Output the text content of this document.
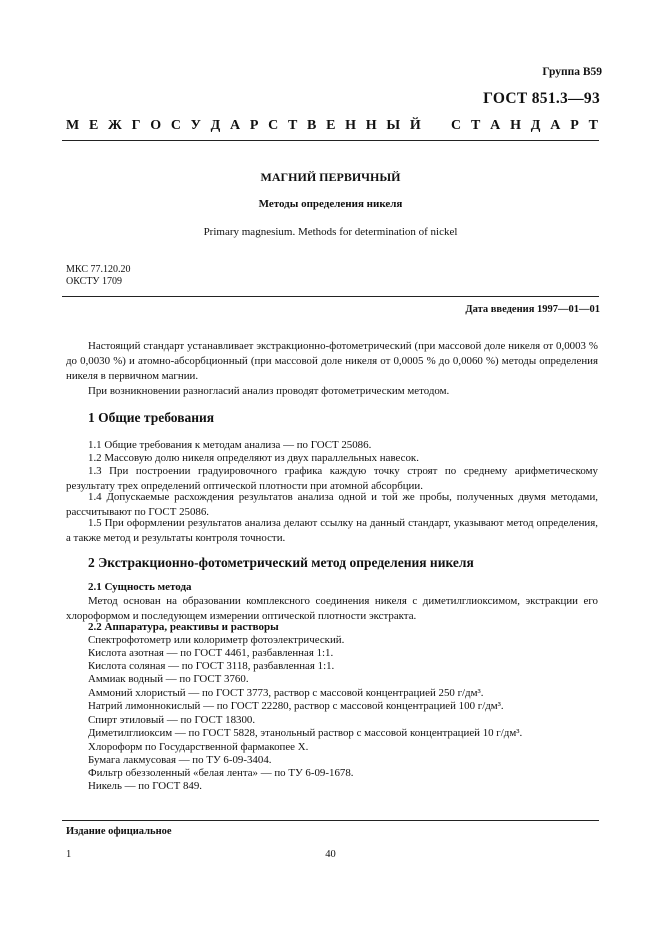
Группа В59
ГОСТ 851.3—93
М Е Ж Г О С У Д А Р С Т В Е Н Н Ы Й С Т А Н Д А Р Т
МАГНИЙ ПЕРВИЧНЫЙ
Методы определения никеля
Primary magnesium. Methods for determination of nickel
МКС 77.120.20
ОКСТУ 1709
Дата введения 1997—01—01
Настоящий стандарт устанавливает экстракционно-фотометрический (при массовой доле никеля от 0,0003 % до 0,0030 %) и атомно-абсорбционный (при массовой доле никеля от 0,0005 % до 0,0060 %) методы определения никеля в первичном магнии.
При возникновении разногласий анализ проводят фотометрическим методом.
1 Общие требования
1.1 Общие требования к методам анализа — по ГОСТ 25086.
1.2 Массовую долю никеля определяют из двух параллельных навесок.
1.3 При построении градуировочного графика каждую точку строят по среднему арифметическому результату трех определений оптической плотности при атомной абсорбции.
1.4 Допускаемые расхождения результатов анализа одной и той же пробы, полученных двумя методами, рассчитывают по ГОСТ 25086.
1.5 При оформлении результатов анализа делают ссылку на данный стандарт, указывают метод определения, а также метод и результаты контроля точности.
2 Экстракционно-фотометрический метод определения никеля
2.1 Сущность метода
Метод основан на образовании комплексного соединения никеля с диметилглиоксимом, экстракции его хлороформом и последующем измерении оптической плотности экстракта.
2.2 Аппаратура, реактивы и растворы
Спектрофотометр или колориметр фотоэлектрический.
Кислота азотная — по ГОСТ 4461, разбавленная 1:1.
Кислота соляная — по ГОСТ 3118, разбавленная 1:1.
Аммиак водный — по ГОСТ 3760.
Аммоний хлористый — по ГОСТ 3773, раствор с массовой концентрацией 250 г/дм³.
Натрий лимоннокислый — по ГОСТ 22280, раствор с массовой концентрацией 100 г/дм³.
Спирт этиловый — по ГОСТ 18300.
Диметилглиоксим — по ГОСТ 5828, этанольный раствор с массовой концентрацией 10 г/дм³.
Хлороформ по Государственной фармакопее X.
Бумага лакмусовая — по ТУ 6-09-3404.
Фильтр обеззоленный «белая лента» — по ТУ 6-09-1678.
Никель — по ГОСТ 849.
Издание официальное
1	40
